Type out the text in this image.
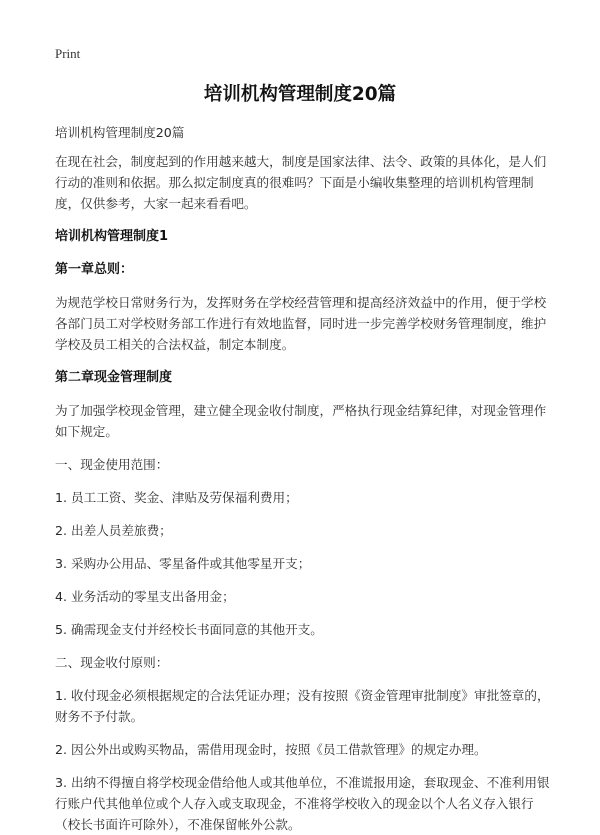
Print
培训机构管理制度20篇

培训机构管理制度20篇

在现在社会，制度起到的作用越来越大，制度是国家法律、法令、政策的具体化，是人们行动的准则和依据。那么拟定制度真的很难吗？下面是小编收集整理的培训机构管理制度，仅供参考，大家一起来看看吧。

培训机构管理制度1

第一章总则：

为规范学校日常财务行为，发挥财务在学校经营管理和提高经济效益中的作用，便于学校各部门员工对学校财务部工作进行有效地监督，同时进一步完善学校财务管理制度，维护学校及员工相关的合法权益，制定本制度。

第二章现金管理制度

为了加强学校现金管理，建立健全现金收付制度，严格执行现金结算纪律，对现金管理作如下规定。

一、现金使用范围：

1. 员工工资、奖金、津贴及劳保福利费用；

2. 出差人员差旅费；

3. 采购办公用品、零星备件或其他零星开支；

4. 业务活动的零星支出备用金；

5. 确需现金支付并经校长书面同意的其他开支。

二、现金收付原则：

1. 收付现金必须根据规定的合法凭证办理；没有按照《资金管理审批制度》审批签章的，财务不予付款。

2. 因公外出或购买物品，需借用现金时，按照《员工借款管理》的规定办理。

3. 出纳不得擅自将学校现金借给他人或其他单位，不准谎报用途，套取现金、不准利用银行账户代其他单位或个人存入或支取现金，不准将学校收入的现金以个人名义存入银行（校长书面许可除外），不准保留帐外公款。
